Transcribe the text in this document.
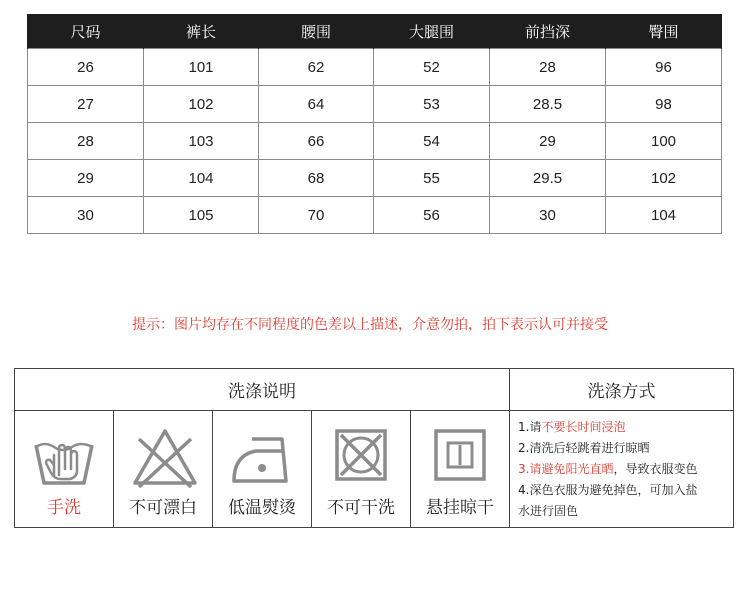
尺码	裤长	腰围	大腿围	前挡深	臀围
26	101	62	52	28	96
27	102	64	53	28.5	98
28	103	66	54	29	100
29	104	68	55	29.5	102
30	105	70	56	30	104
提示：图片均存在不同程度的色差以上描述，介意勿拍，拍下表示认可并接受
洗涤说明	洗涤方式
手洗	不可漂白	低温熨烫	不可干洗	悬挂晾干
1.请不要长时间浸泡
2.清洗后轻跳着进行晾晒
3.请避免阳光直晒，导致衣服变色
4.深色衣服为避免掉色，可加入盐
水进行固色
